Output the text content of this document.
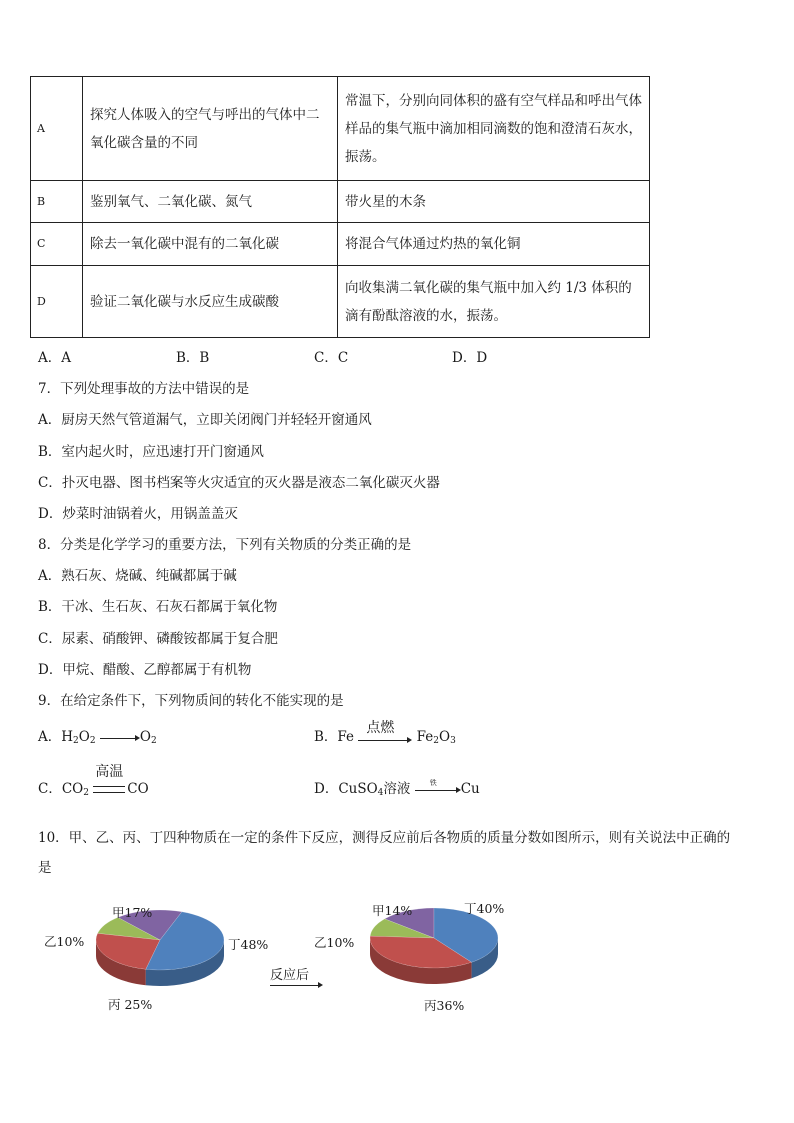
A	探究人体吸入的空气与呼出的气体中二氧化碳含量的不同	常温下，分别向同体积的盛有空气样品和呼出气体样品的集气瓶中滴加相同滴数的饱和澄清石灰水，振荡。
B	鉴别氧气、二氧化碳、氮气	带火星的木条
C	除去一氧化碳中混有的二氧化碳	将混合气体通过灼热的氧化铜
D	验证二氧化碳与水反应生成碳酸	向收集满二氧化碳的集气瓶中加入约 1/3 体积的滴有酚酞溶液的水，振荡。
A．A	B．B	C．C	D．D
7．下列处理事故的方法中错误的是
A．厨房天然气管道漏气，立即关闭阀门并轻轻开窗通风
B．室内起火时，应迅速打开门窗通风
C．扑灭电器、图书档案等火灾适宜的灭火器是液态二氧化碳灭火器
D．炒菜时油锅着火，用锅盖盖灭
8．分类是化学学习的重要方法，下列有关物质的分类正确的是
A．熟石灰、烧碱、纯碱都属于碱
B．干冰、生石灰、石灰石都属于氧化物
C．尿素、硝酸钾、磷酸铵都属于复合肥
D．甲烷、醋酸、乙醇都属于有机物
9．在给定条件下，下列物质间的转化不能实现的是
A．$H_2O_2$	$O_2$	B．Fe
点燃
$Fe_2O_3$
C．$CO_2$
高温
CO	D．CuSO$_4$溶液	铁 Cu
10．甲、乙、丙、丁四种物质在一定的条件下反应，测得反应前后各物质的质量分数如图所示，则有关说法中正确的
是
甲17%
乙10%
丙 25%
丁48%
反应后
甲14%
乙10%
丙36%
丁40%
